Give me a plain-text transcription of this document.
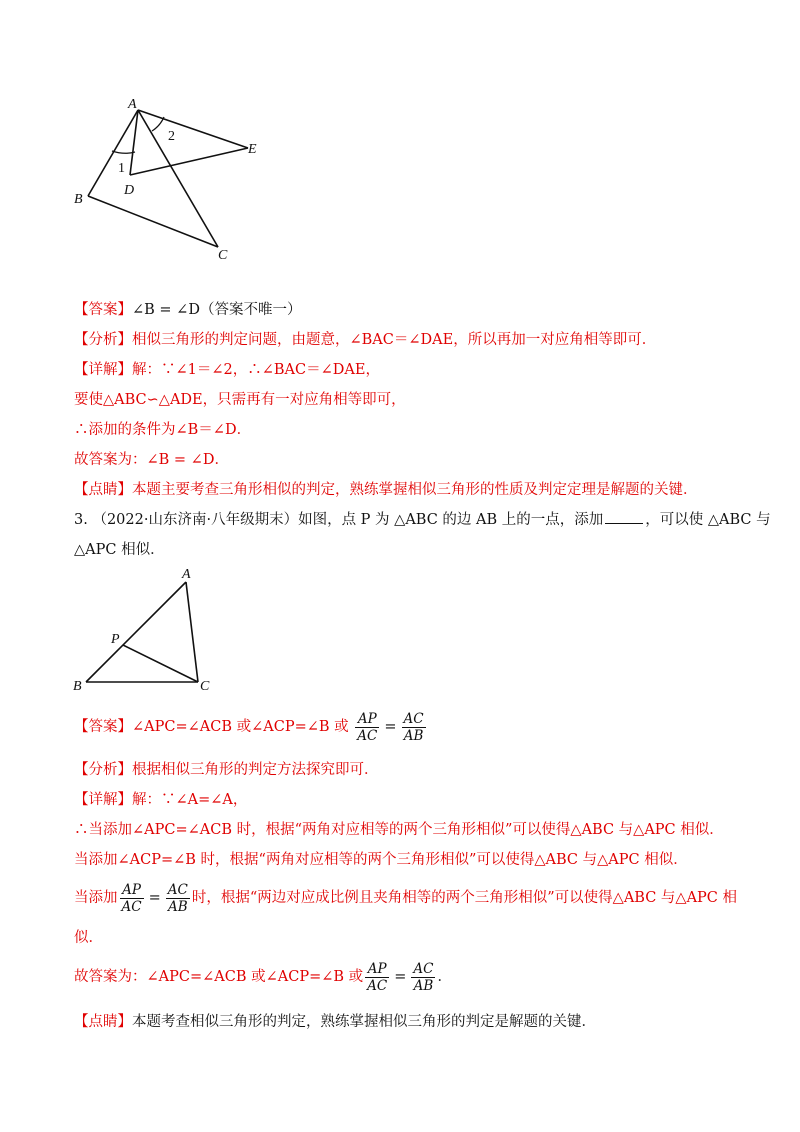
A
B
C
D
E
1
2
【答案】∠B = ∠D（答案不唯一）
【分析】相似三角形的判定问题，由题意，∠BAC＝∠DAE，所以再加一对应角相等即可．
【详解】解：∵∠1＝∠2，∴∠BAC＝∠DAE，
要使△ABC∽△ADE，只需再有一对应角相等即可，
∴添加的条件为∠B＝∠D．
故答案为：∠B = ∠D．
【点睛】本题主要考查三角形相似的判定，熟练掌握相似三角形的性质及判定定理是解题的关键．
3. （2022·山东济南·八年级期末）如图，点 P 为 △ABC 的边 AB 上的一点，添加	，可以使 △ABC 与
△APC 相似．
A
P
B	C
【答案】∠APC=∠ACB 或∠ACP=∠B 或 $\frac{AP}{AC} = \frac{AC}{AB}$
【分析】根据相似三角形的判定方法探究即可．
【详解】解：∵∠A=∠A，
∴当添加∠APC=∠ACB 时，根据“两角对应相等的两个三角形相似”可以使得△ABC 与△APC 相似．
当添加∠ACP=∠B 时，根据“两角对应相等的两个三角形相似”可以使得△ABC 与△APC 相似．
当添加 $\frac{AP}{AC} = \frac{AC}{AB}$ 时，根据“两边对应成比例且夹角相等的两个三角形相似”可以使得△ABC 与△APC 相
似．
故答案为：∠APC=∠ACB 或∠ACP=∠B 或 $\frac{AP}{AC} = \frac{AC}{AB}$ ．
【点睛】本题考查相似三角形的判定，熟练掌握相似三角形的判定是解题的关键．
